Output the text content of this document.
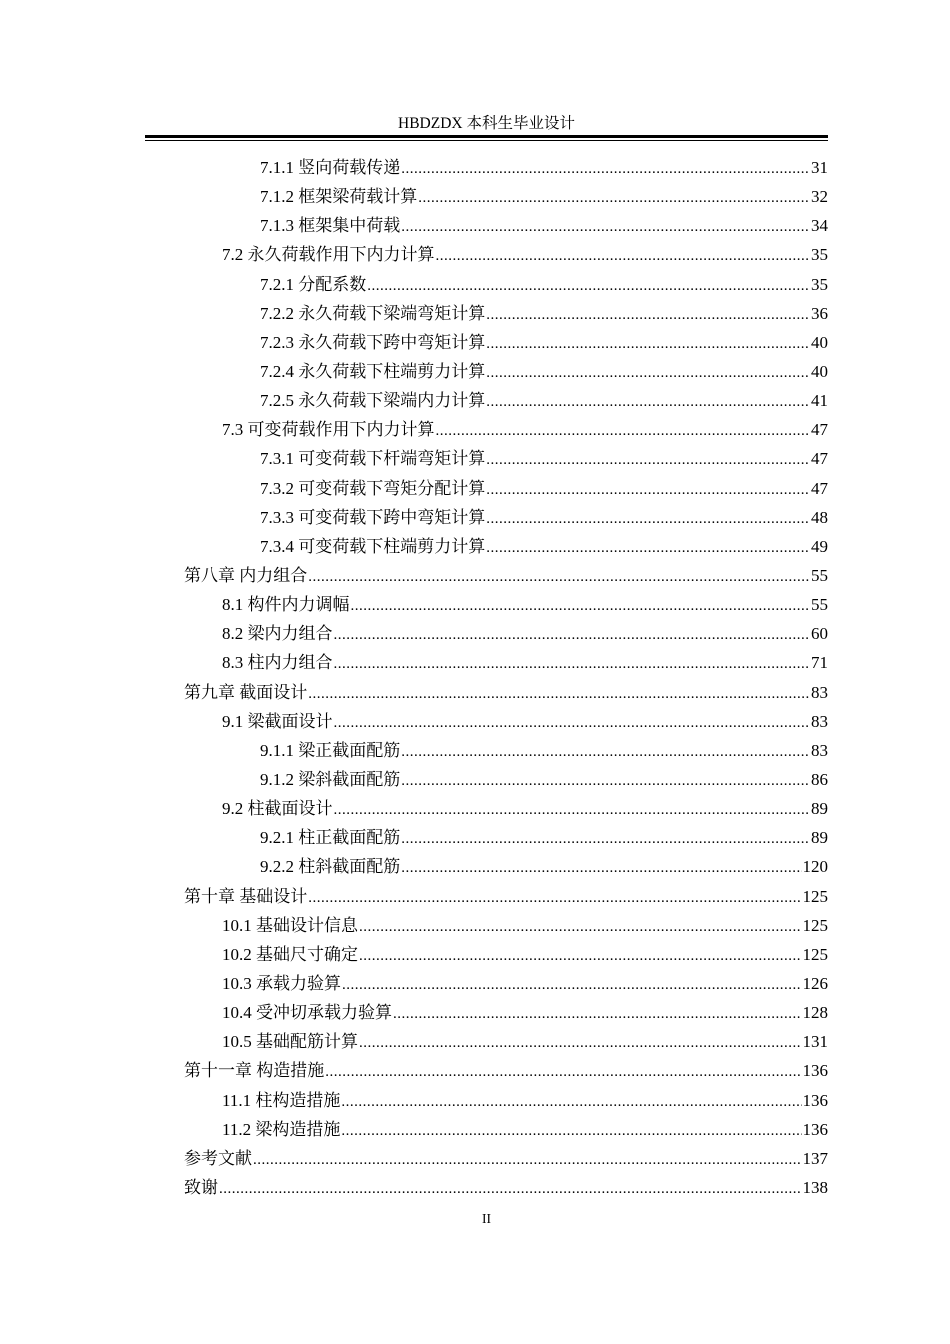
HBDZDX 本科生毕业设计
7.1.1 竖向荷载传递 .....	31
7.1.2 框架梁荷载计算 .....	32
7.1.3 框架集中荷载 .....	34
7.2 永久荷载作用下内力计算 .....	35
7.2.1 分配系数 .....	35
7.2.2 永久荷载下梁端弯矩计算 .....	36
7.2.3 永久荷载下跨中弯矩计算 .....	40
7.2.4 永久荷载下柱端剪力计算 .....	40
7.2.5 永久荷载下梁端内力计算 .....	41
7.3 可变荷载作用下内力计算 .....	47
7.3.1 可变荷载下杆端弯矩计算 .....	47
7.3.2 可变荷载下弯矩分配计算 .....	47
7.3.3 可变荷载下跨中弯矩计算 .....	48
7.3.4 可变荷载下柱端剪力计算 .....	49
第八章 内力组合 .....	55
8.1 构件内力调幅 .....	55
8.2 梁内力组合 .....	60
8.3 柱内力组合 .....	71
第九章 截面设计 .....	83
9.1 梁截面设计 .....	83
9.1.1 梁正截面配筋 .....	83
9.1.2 梁斜截面配筋 .....	86
9.2 柱截面设计 .....	89
9.2.1 柱正截面配筋 .....	89
9.2.2 柱斜截面配筋 .....	120
第十章 基础设计 .....	125
10.1 基础设计信息 .....	125
10.2 基础尺寸确定 .....	125
10.3 承载力验算 .....	126
10.4 受冲切承载力验算 .....	128
10.5 基础配筋计算 .....	131
第十一章 构造措施 .....	136
11.1 柱构造措施 .....	136
11.2 梁构造措施 .....	136
参考文献 .....	137
致谢 .....	138
II
